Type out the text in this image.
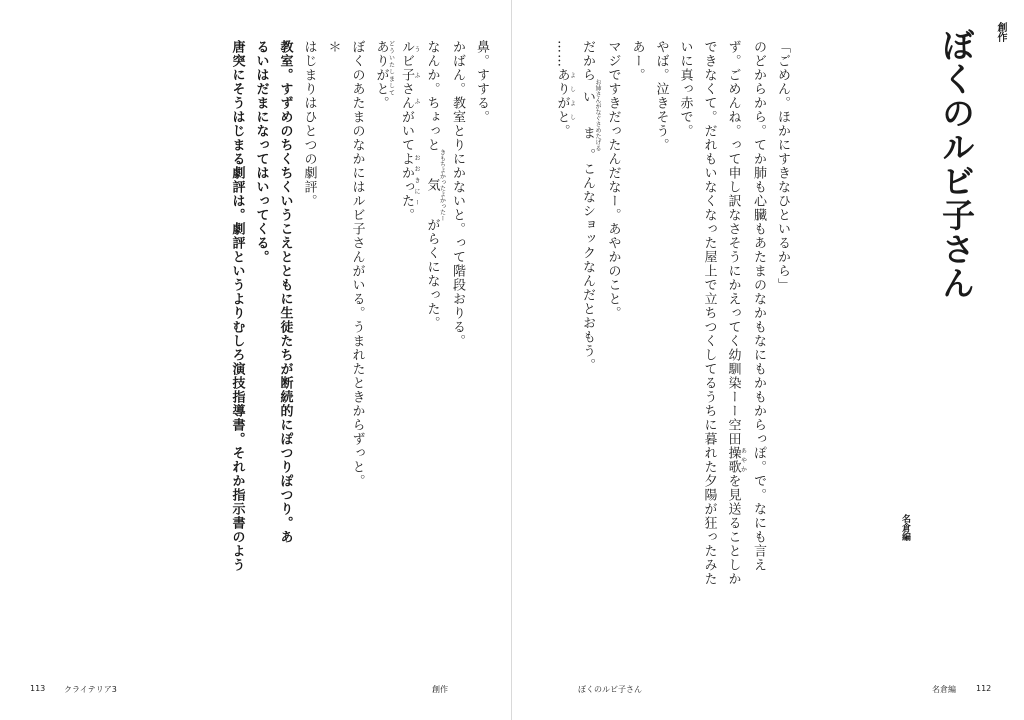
鼻。すする。

かばん。教室とりにかないと。って階段おりる。

なんか。ちょっと気 きもちよかったよかったーがらくになった。

ルビ子さん うふふがいてよかった おおきにー。

ありがと どういたしまして。

ぼくのあたまのなかにはルビ子さんがいる。うまれたときからずっと。

＊

はじまりはひとつの劇評。

教室。すずめのちくちくいうこえとともに生徒たちが断続的にぽつりぽつり。あ

るいはだまになってはいってくる。

唐突にそうはじまる劇評は。劇評というよりむしろ演技指導書。それか指示書のよう

創作
ぼくのルビ子さん
名倉編

「ごめん。ほかにすきなひといるから」

のどからから。てか肺も心臓もあたまのなかもなにもかもからっぽ。で。なにも言え

ず。ごめんね。って申し訳なさそうにかえってく幼馴染ーー空田操歌 あやかを見送ることしか

できなくて。だれもいなくなった屋上で立ちつくしてるうちに暮れた夕陽が狂ったみた

いに真っ赤で。

やば。泣きそう。

あー。

マジですきだったんだなー。あやかのこと。

だからいま お姉さんがなぐさめたげる。こんなショックなんだとおもう。

……ありがと よしよし。

113 クライテリア3	創作	ぼくのルビ子さん	名倉編	112
